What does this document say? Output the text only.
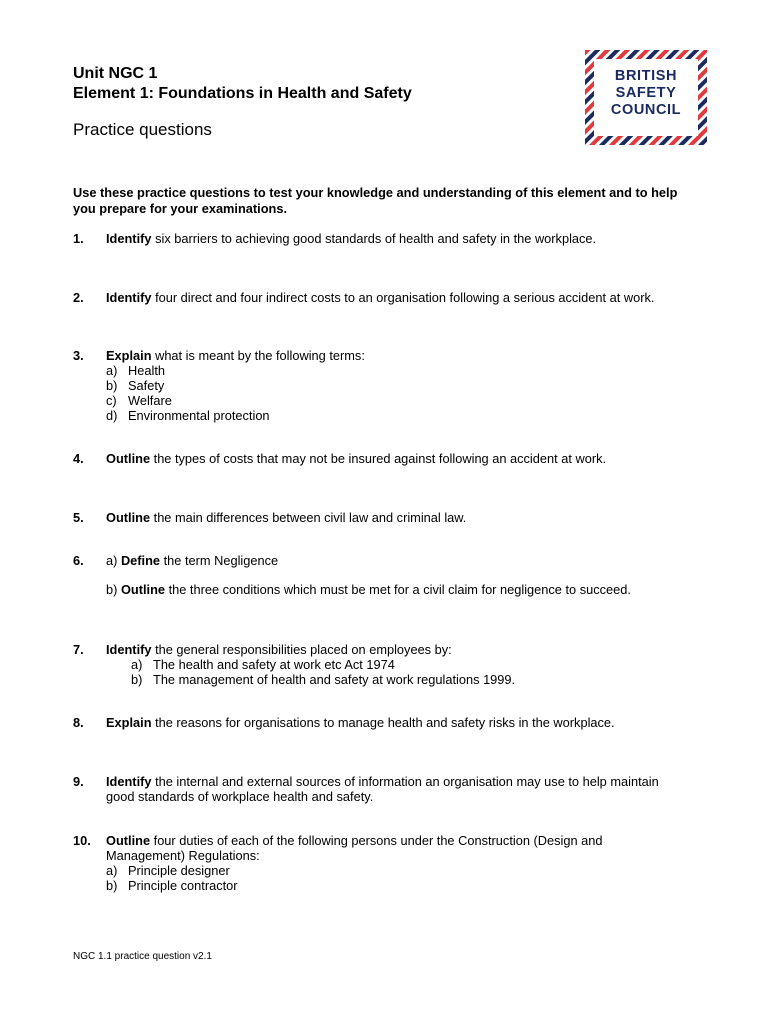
Unit NGC 1
Element 1: Foundations in Health and Safety
Practice questions
BRITISH
SAFETY
COUNCIL
Use these practice questions to test your knowledge and understanding of this element and to help you prepare for your examinations.
1. Identify six barriers to achieving good standards of health and safety in the workplace.

2. Identify four direct and four indirect costs to an organisation following a serious accident at work.

3. Explain what is meant by the following terms:

a) Health
b) Safety
c) Welfare
d) Environmental protection
4. Outline the types of costs that may not be insured against following an accident at work.

5. Outline the main differences between civil law and criminal law.

6. a) Define the term Negligence

b) Outline the three conditions which must be met for a civil claim for negligence to succeed.

7. Identify the general responsibilities placed on employees by:

a) The health and safety at work etc Act 1974
b) The management of health and safety at work regulations 1999.
8. Explain the reasons for organisations to manage health and safety risks in the workplace.

9. Identify the internal and external sources of information an organisation may use to help maintain good standards of workplace health and safety.

10. Outline four duties of each of the following persons under the Construction (Design and Management) Regulations:

a) Principle designer
b) Principle contractor
NGC 1.1 practice question v2.1
